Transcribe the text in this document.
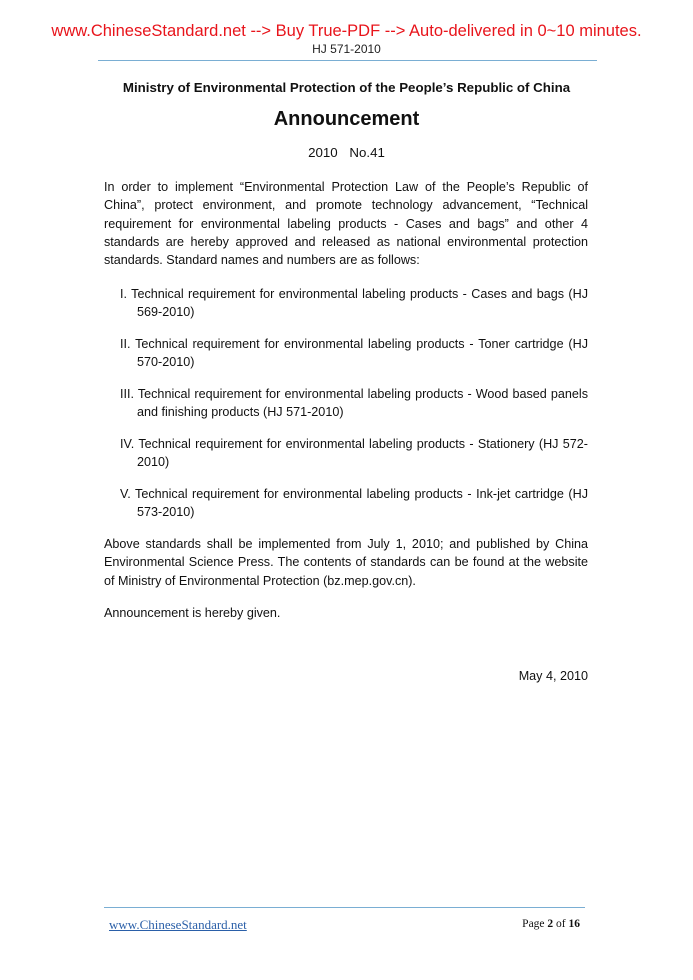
www.ChineseStandard.net --> Buy True-PDF --> Auto-delivered in 0~10 minutes.
HJ 571-2010
Ministry of Environmental Protection of the People’s Republic of China
Announcement
2010 No.41
In order to implement “Environmental Protection Law of the People’s Republic of China”, protect environment, and promote technology advancement, “Technical requirement for environmental labeling products - Cases and bags” and other 4 standards are hereby approved and released as national environmental protection standards. Standard names and numbers are as follows:
I. Technical requirement for environmental labeling products - Cases and bags (HJ 569-2010)
II. Technical requirement for environmental labeling products - Toner cartridge (HJ 570-2010)
III. Technical requirement for environmental labeling products - Wood based panels and finishing products (HJ 571-2010)
IV. Technical requirement for environmental labeling products - Stationery (HJ 572-2010)
V. Technical requirement for environmental labeling products - Ink-jet cartridge (HJ 573-2010)
Above standards shall be implemented from July 1, 2010; and published by China Environmental Science Press. The contents of standards can be found at the website of Ministry of Environmental Protection (bz.mep.gov.cn).
Announcement is hereby given.
May 4, 2010
www.ChineseStandard.net	Page 2 of 16
